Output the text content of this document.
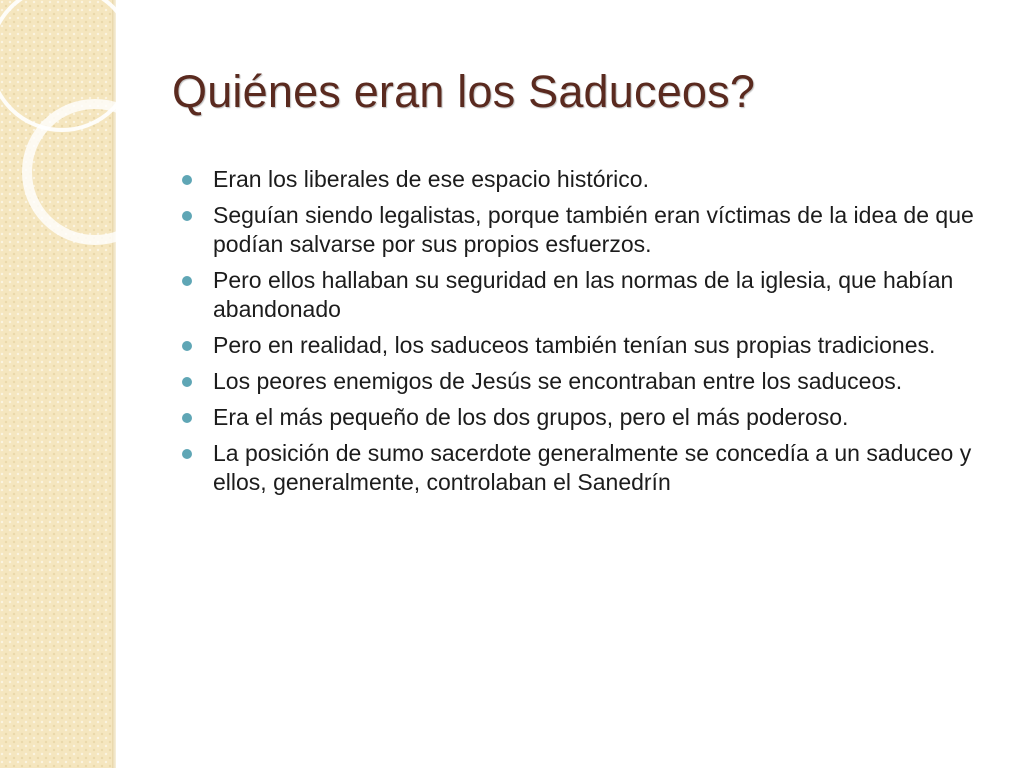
Quiénes eran los Saduceos?
Eran los liberales de ese espacio histórico.
Seguían siendo legalistas, porque también eran víctimas de la idea de que podían salvarse por sus propios esfuerzos.
Pero ellos hallaban su seguridad en las normas de la iglesia, que habían abandonado
Pero en realidad, los saduceos también tenían sus propias tradiciones.
Los peores enemigos de Jesús se encontraban entre los saduceos.
Era el más pequeño de los dos grupos, pero el más poderoso.
La posición de sumo sacerdote generalmente se concedía a un saduceo y ellos, generalmente, controlaban el Sanedrín
